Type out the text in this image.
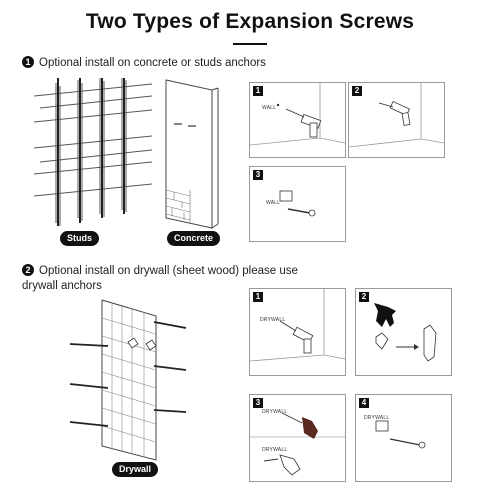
Two Types of Expansion Screws
1 Optional install on concrete or studs anchors
Studs	Concrete
1
WALL
2
3
WALL
2 Optional install on drywall (sheet wood) please use
drywall anchors
Drywall
1
DRYWALL
2
3
DRYWALL
DRYWALL
4
DRYWALL
